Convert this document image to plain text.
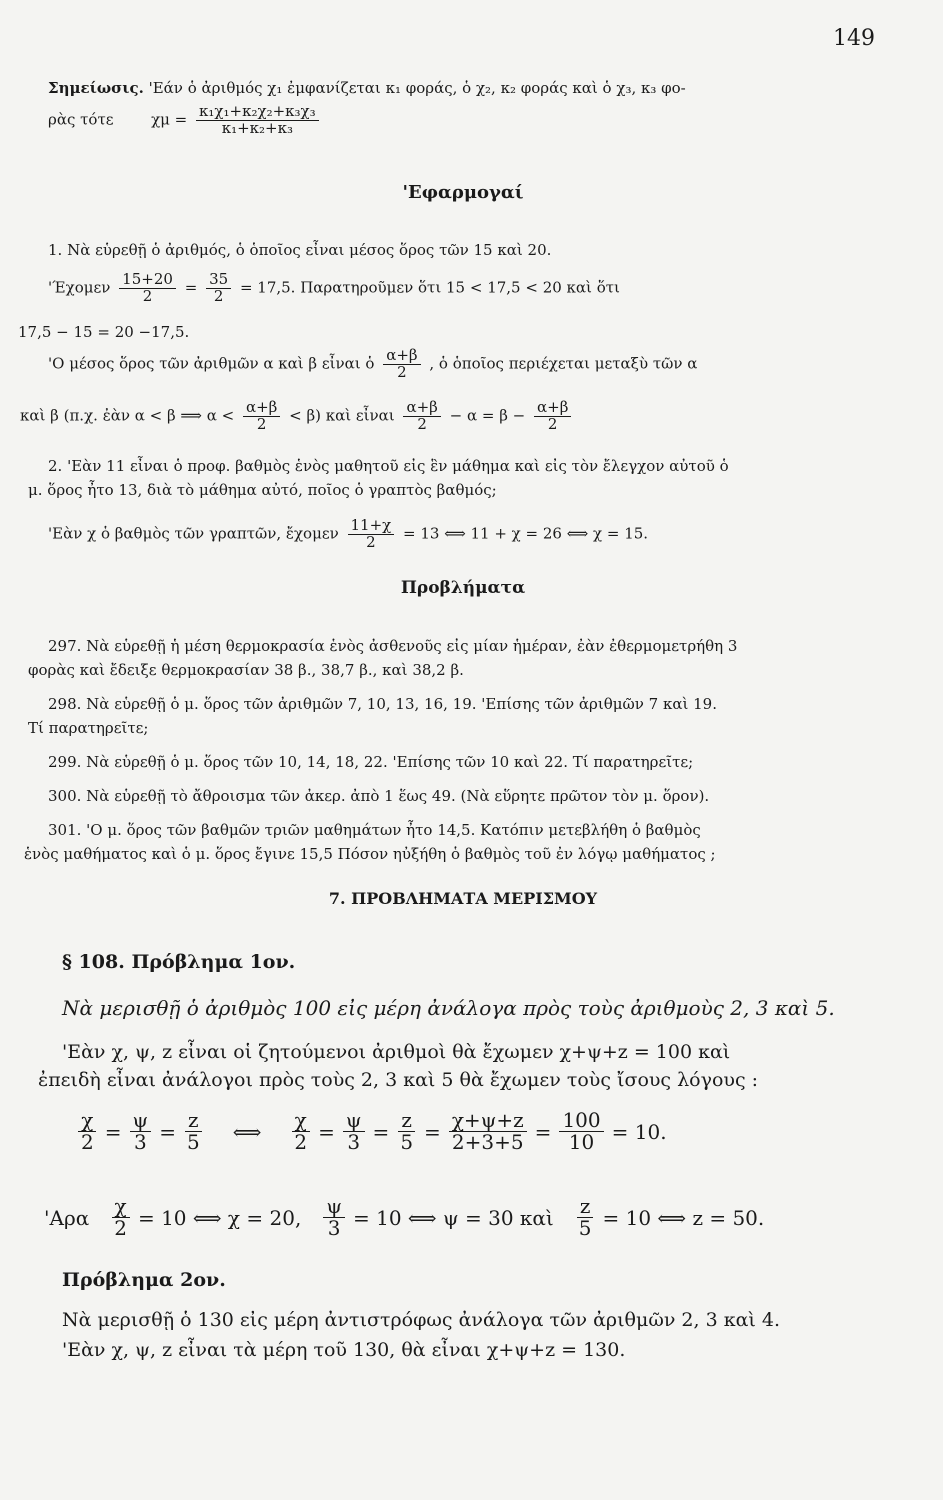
149
Σημείωσις. 'Εάν ὁ ἀριθμός χ₁ ἐμφανίζεται κ₁ φοράς, ὁ χ₂, κ₂ φοράς καὶ ὁ χ₃, κ₃ φο-
ρὰς τότε	$\chi\mu = \frac{\text{κ₁χ₁+κ₂χ₂+κ₃χ₃}}{\text{κ₁+κ₂+κ₃}}$
'Εφαρμογαί
1. Νὰ εὑρεθῇ ὁ ἀριθμός, ὁ ὁποῖος εἶναι μέσος ὅρος τῶν 15 καὶ 20.
'$Έ\chi o\mu\varepsilon\nu \frac{15+20}{2} = \frac{35}{2} = 17,5$. Παρατηροῦμεν ὅτι 15 < 17,5 < 20 καὶ ὅτι
17,5 − 15 = 20 −17,5.
'Ο μέσος ὅρος τῶν ἀριθμῶν α καὶ β εἶναι ὁ $\frac{\alpha+\beta}{2}$ , ὁ ὁποῖος περιέχεται μεταξὺ τῶν α
καὶ β (π.χ. ἐὰν α < β ⟹ $\alpha < \frac{\alpha+\beta}{2} < \beta$) καὶ εἶναι $\frac{\alpha+\beta}{2} - \alpha = \beta - \frac{\alpha+\beta}{2}$
2. 'Εὰν 11 εἶναι ὁ προφ. βαθμὸς ἑνὸς μαθητοῦ εἰς ἓν μάθημα καὶ εἰς τὸν ἔλεγχον αὐτοῦ ὁ
μ. ὅρος ἦτο 13, διὰ τὸ μάθημα αὐτό, ποῖος ὁ γραπτὸς βαθμός;
'Εὰν χ ὁ βαθμὸς τῶν γραπτῶν, ἔχομεν $\frac{11+\chi}{2} = 13$ ⟺ 11 + χ = 26 ⟺ χ = 15.
Προβλήματα
297. Νὰ εὑρεθῇ ἡ μέση θερμοκρασία ἑνὸς ἀσθενοῦς εἰς μίαν ἡμέραν, ἐὰν ἐθερμομετρήθη 3
φορὰς καὶ ἔδειξε θερμοκρασίαν 38 β., 38,7 β., καὶ 38,2 β.
298. Νὰ εὑρεθῇ ὁ μ. ὅρος τῶν ἀριθμῶν 7, 10, 13, 16, 19. 'Επίσης τῶν ἀριθμῶν 7 καὶ 19.
Τί παρατηρεῖτε;
299. Νὰ εὑρεθῇ ὁ μ. ὅρος τῶν 10, 14, 18, 22. 'Επίσης τῶν 10 καὶ 22. Τί παρατηρεῖτε;
300. Νὰ εὑρεθῇ τὸ ἄθροισμα τῶν ἀκερ. ἀπὸ 1 ἕως 49. (Νὰ εὕρητε πρῶτον τὸν μ. ὅρον).
301. 'Ο μ. ὅρος τῶν βαθμῶν τριῶν μαθημάτων ἦτο 14,5. Κατόπιν μετεβλήθη ὁ βαθμὸς
ἑνὸς μαθήματος καὶ ὁ μ. ὅρος ἔγινε 15,5 Πόσον ηὐξήθη ὁ βαθμὸς τοῦ ἐν λόγῳ μαθήματος ;
7. ΠΡΟΒΛΗΜΑΤΑ ΜΕΡΙΣΜΟΥ
§ 108. Πρόβλημα 1ον.
Νὰ μερισθῇ ὁ ἀριθμὸς 100 εἰς μέρη ἀνάλογα πρὸς τοὺς ἀριθμοὺς 2, 3 καὶ 5.
'Εὰν χ, ψ, z εἶναι οἱ ζητούμενοι ἀριθμοὶ θὰ ἔχωμεν χ+ψ+z = 100 καὶ
ἐπειδὴ εἶναι ἀνάλογοι πρὸς τοὺς 2, 3 καὶ 5 θὰ ἔχωμεν τοὺς ἴσους λόγους :
$\frac{\chi}{2} = \frac{\psi}{3} = \frac{z}{5}$ ⟺ $\frac{\chi}{2} = \frac{\psi}{3} = \frac{z}{5} = \frac{\chi+\psi+z}{2+3+5} = \frac{100}{10} = 10$.
'$A\rho\alpha \frac{\chi}{2} = 10$ ⟺ χ = 20, $\frac{\psi}{3} = 10$ ⟺ ψ = 30 καὶ $\frac{z}{5} = 10$ ⟺ z = 50.
Πρόβλημα 2ον.
Νὰ μερισθῇ ὁ 130 εἰς μέρη ἀντιστρόφως ἀνάλογα τῶν ἀριθμῶν 2, 3 καὶ 4.
'Εὰν χ, ψ, z εἶναι τὰ μέρη τοῦ 130, θὰ εἶναι χ+ψ+z = 130.
